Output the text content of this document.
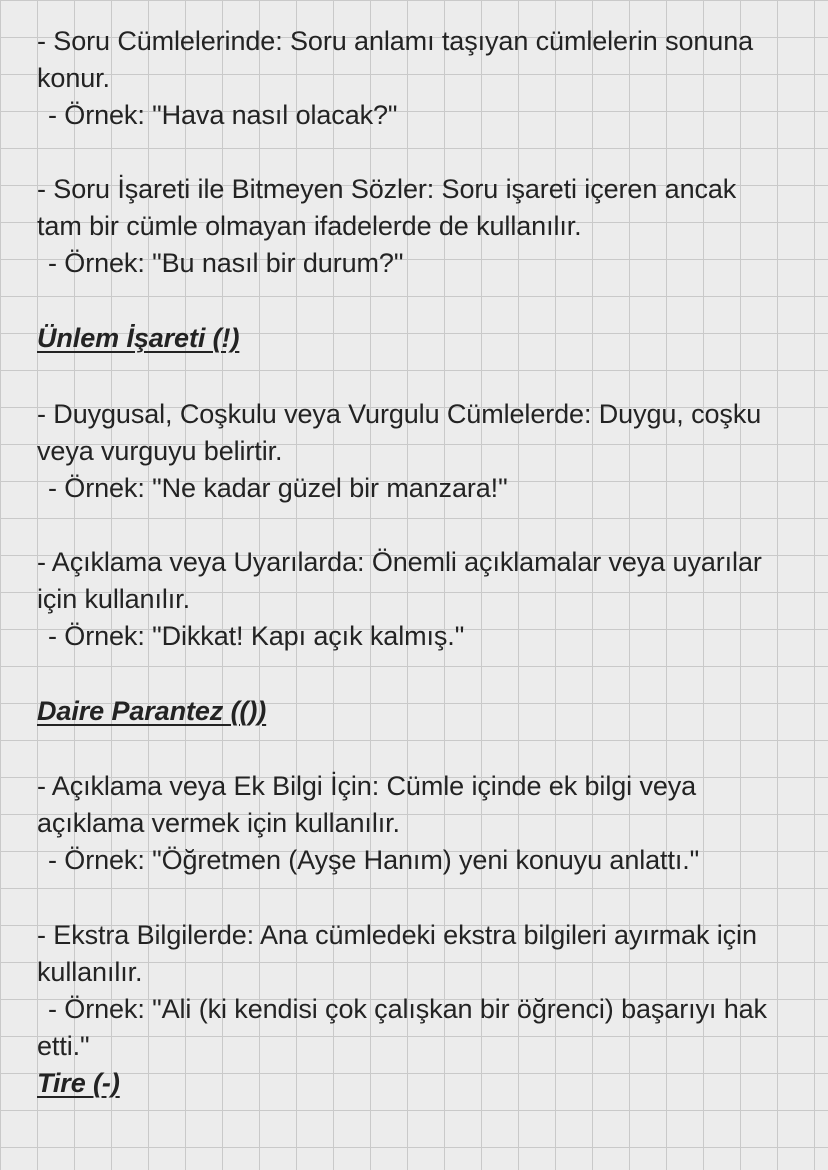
- Soru Cümlelerinde: Soru anlamı taşıyan cümlelerin sonuna
konur.
- Örnek: "Hava nasıl olacak?"
- Soru İşareti ile Bitmeyen Sözler: Soru işareti içeren ancak
tam bir cümle olmayan ifadelerde de kullanılır.
- Örnek: "Bu nasıl bir durum?"
Ünlem İşareti (!)
- Duygusal, Coşkulu veya Vurgulu Cümlelerde: Duygu, coşku
veya vurguyu belirtir.
- Örnek: "Ne kadar güzel bir manzara!"
- Açıklama veya Uyarılarda: Önemli açıklamalar veya uyarılar
için kullanılır.
- Örnek: "Dikkat! Kapı açık kalmış."
Daire Parantez (())
- Açıklama veya Ek Bilgi İçin: Cümle içinde ek bilgi veya
açıklama vermek için kullanılır.
- Örnek: "Öğretmen (Ayşe Hanım) yeni konuyu anlattı."
- Ekstra Bilgilerde: Ana cümledeki ekstra bilgileri ayırmak için
kullanılır.
- Örnek: "Ali (ki kendisi çok çalışkan bir öğrenci) başarıyı hak
etti."
Tire (-)
